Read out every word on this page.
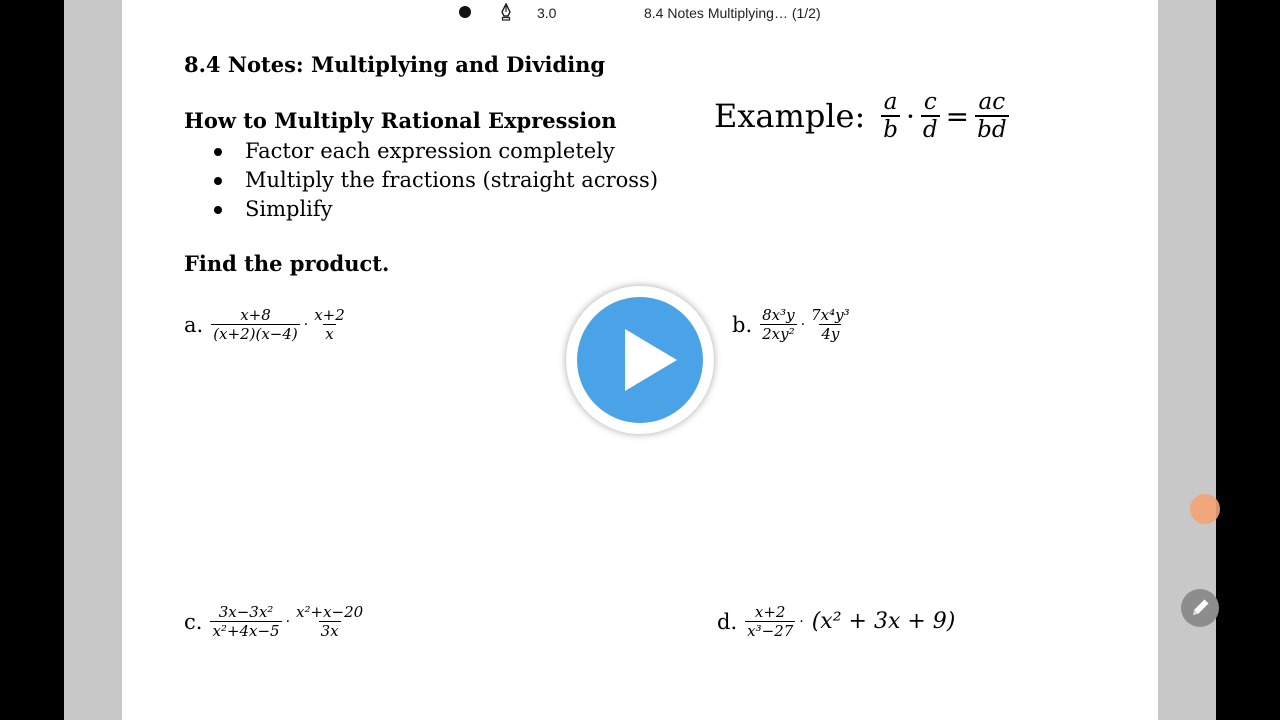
3.0	8.4 Notes Multiplying… (1/2)
8.4 Notes: Multiplying and Dividing
How to Multiply Rational Expression
Factor each expression completely
Multiply the fractions (straight across)
Simplify
Find the product.
Example: $\frac{a}{b} \cdot \frac{c}{d} = \frac{ac}{bd}$
a. $\frac{x+8}{(x+2)(x-4)} \cdot \frac{x+2}{x}$	b. $\frac{\text{8x³y}}{\text{2xy²}} \cdot \frac{\text{7x⁴y³}}{4y}$
c. $\frac{\text{3x−3x²}}{\text{x²+4x−5}} \cdot \frac{\text{x²+x−20}}{3x}$	d. $\frac{x+2}{\text{x³−27}} \cdot (x^2 + 3x + 9)$
